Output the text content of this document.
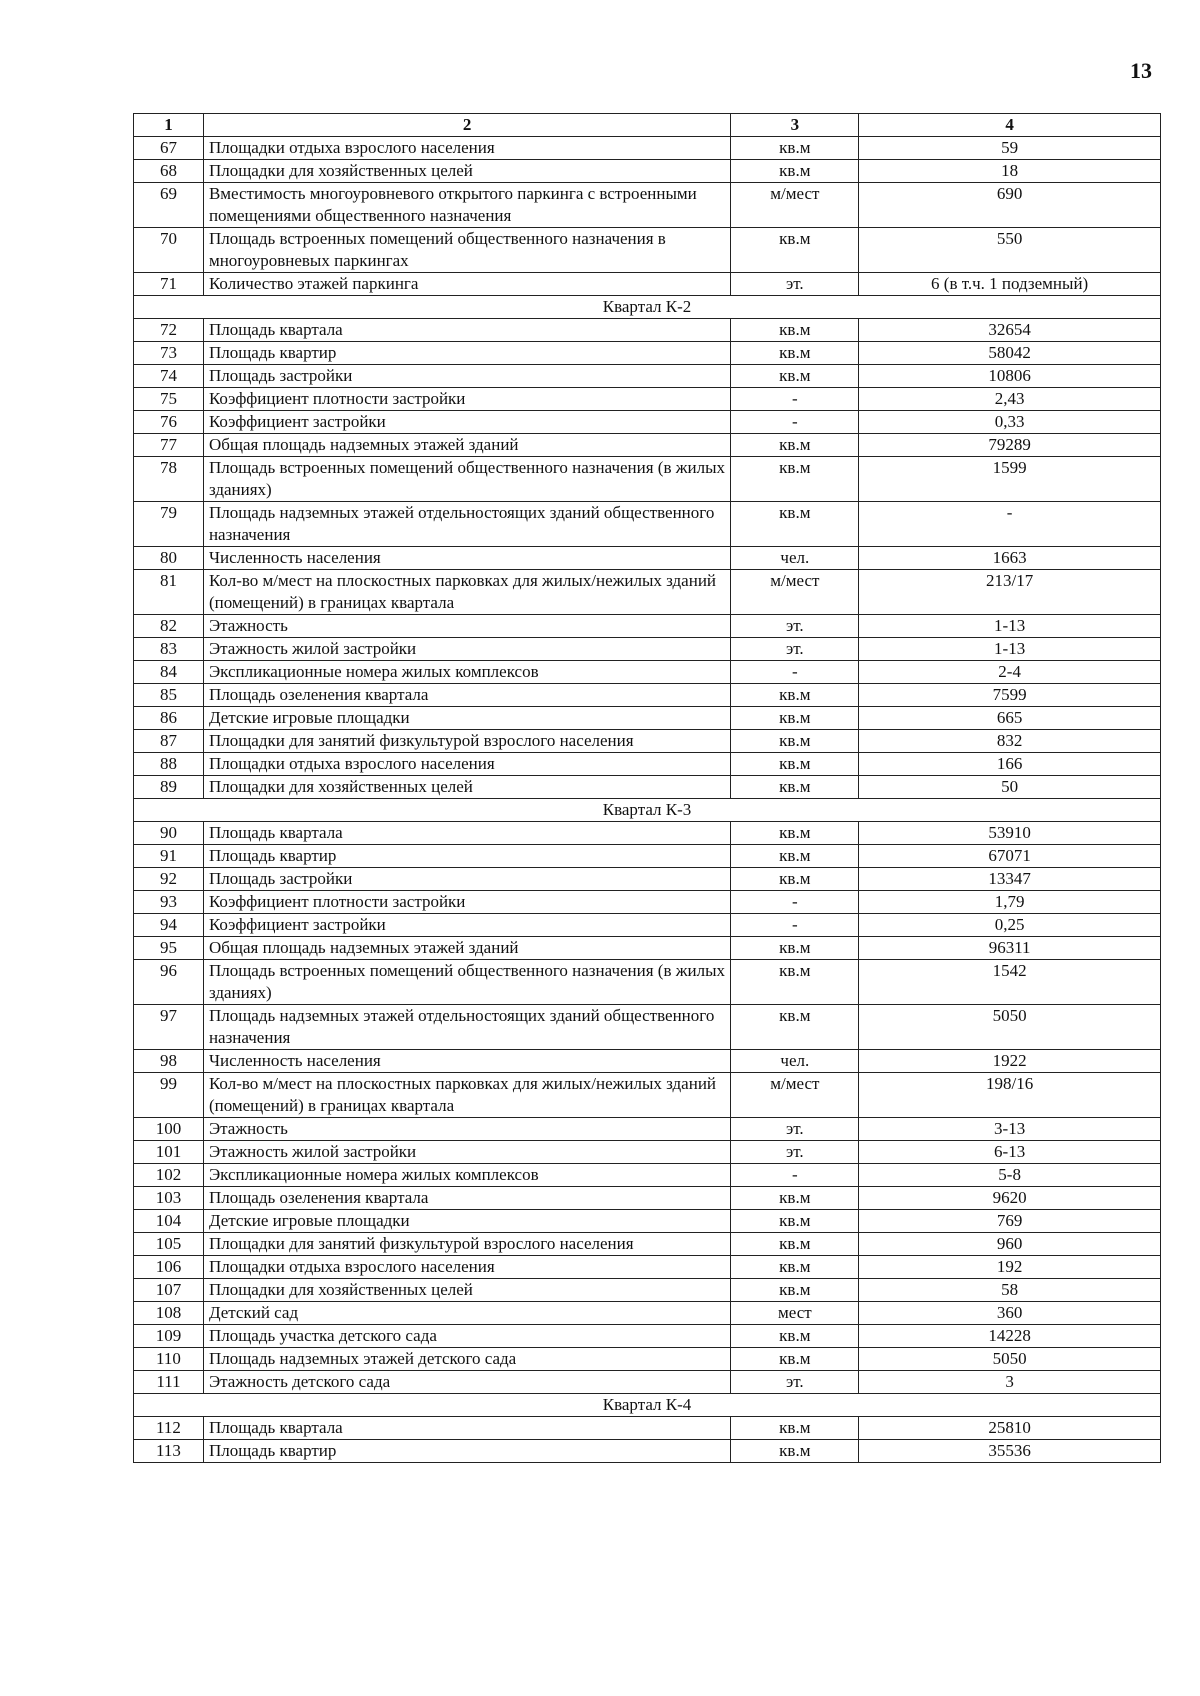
13
1	2	3	4
67	Площадки отдыха взрослого населения	кв.м	59
68	Площадки для хозяйственных целей	кв.м	18
69	Вместимость многоуровневого открытого паркинга с встроенными помещениями общественного назначения	м/мест	690
70	Площадь встроенных помещений общественного назначения в многоуровневых паркингах	кв.м	550
71	Количество этажей паркинга	эт.	6 (в т.ч. 1 подземный)
Квартал К-2			
72	Площадь квартала	кв.м	32654
73	Площадь квартир	кв.м	58042
74	Площадь застройки	кв.м	10806
75	Коэффициент плотности застройки	-	2,43
76	Коэффициент застройки	-	0,33
77	Общая площадь надземных этажей зданий	кв.м	79289
78	Площадь встроенных помещений общественного назначения (в жилых зданиях)	кв.м	1599
79	Площадь надземных этажей отдельностоящих зданий общественного назначения	кв.м	-
80	Численность населения	чел.	1663
81	Кол-во м/мест на плоскостных парковках для жилых/нежилых зданий (помещений) в границах квартала	м/мест	213/17
82	Этажность	эт.	1-13
83	Этажность жилой застройки	эт.	1-13
84	Экспликационные номера жилых комплексов	-	2-4
85	Площадь озеленения квартала	кв.м	7599
86	Детские игровые площадки	кв.м	665
87	Площадки для занятий физкультурой взрослого населения	кв.м	832
88	Площадки отдыха взрослого населения	кв.м	166
89	Площадки для хозяйственных целей	кв.м	50
Квартал К-3			
90	Площадь квартала	кв.м	53910
91	Площадь квартир	кв.м	67071
92	Площадь застройки	кв.м	13347
93	Коэффициент плотности застройки	-	1,79
94	Коэффициент застройки	-	0,25
95	Общая площадь надземных этажей зданий	кв.м	96311
96	Площадь встроенных помещений общественного назначения (в жилых зданиях)	кв.м	1542
97	Площадь надземных этажей отдельностоящих зданий общественного назначения	кв.м	5050
98	Численность населения	чел.	1922
99	Кол-во м/мест на плоскостных парковках для жилых/нежилых зданий (помещений) в границах квартала	м/мест	198/16
100	Этажность	эт.	3-13
101	Этажность жилой застройки	эт.	6-13
102	Экспликационные номера жилых комплексов	-	5-8
103	Площадь озеленения квартала	кв.м	9620
104	Детские игровые площадки	кв.м	769
105	Площадки для занятий физкультурой взрослого населения	кв.м	960
106	Площадки отдыха взрослого населения	кв.м	192
107	Площадки для хозяйственных целей	кв.м	58
108	Детский сад	мест	360
109	Площадь участка детского сада	кв.м	14228
110	Площадь надземных этажей детского сада	кв.м	5050
111	Этажность детского сада	эт.	3
Квартал К-4			
112	Площадь квартала	кв.м	25810
113	Площадь квартир	кв.м	35536
